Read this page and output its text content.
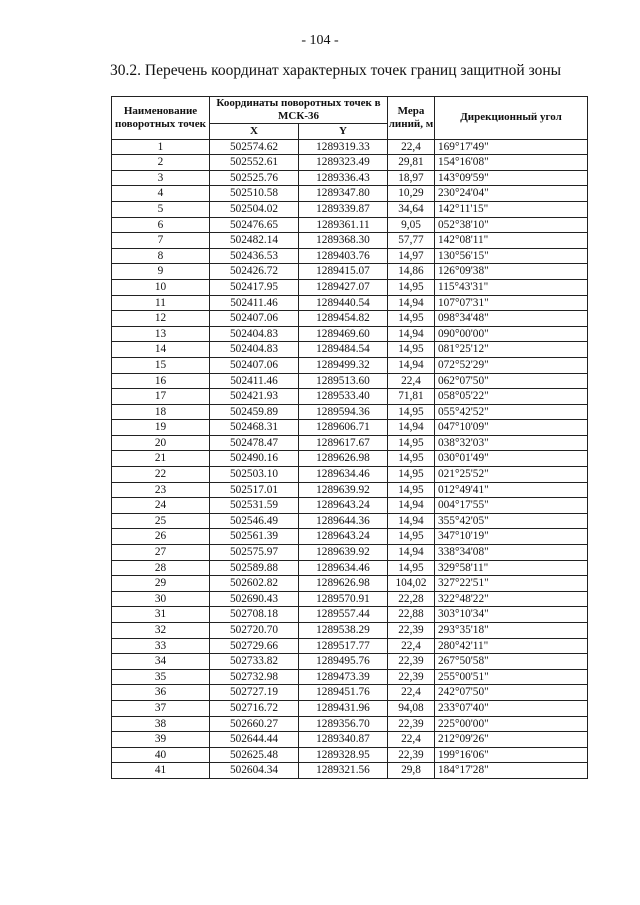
- 104 -
30.2. Перечень координат характерных точек границ защитной зоны
Наименование поворотных точек	Координаты поворотных точек в МСК-36		Мера линий, м	Дирекционный угол
	X	Y		
1	502574.62	1289319.33	22,4	169°17'49"
2	502552.61	1289323.49	29,81	154°16'08"
3	502525.76	1289336.43	18,97	143°09'59"
4	502510.58	1289347.80	10,29	230°24'04"
5	502504.02	1289339.87	34,64	142°11'15"
6	502476.65	1289361.11	9,05	052°38'10"
7	502482.14	1289368.30	57,77	142°08'11"
8	502436.53	1289403.76	14,97	130°56'15"
9	502426.72	1289415.07	14,86	126°09'38"
10	502417.95	1289427.07	14,95	115°43'31"
11	502411.46	1289440.54	14,94	107°07'31"
12	502407.06	1289454.82	14,95	098°34'48"
13	502404.83	1289469.60	14,94	090°00'00"
14	502404.83	1289484.54	14,95	081°25'12"
15	502407.06	1289499.32	14,94	072°52'29"
16	502411.46	1289513.60	22,4	062°07'50"
17	502421.93	1289533.40	71,81	058°05'22"
18	502459.89	1289594.36	14,95	055°42'52"
19	502468.31	1289606.71	14,94	047°10'09"
20	502478.47	1289617.67	14,95	038°32'03"
21	502490.16	1289626.98	14,95	030°01'49"
22	502503.10	1289634.46	14,95	021°25'52"
23	502517.01	1289639.92	14,95	012°49'41"
24	502531.59	1289643.24	14,94	004°17'55"
25	502546.49	1289644.36	14,94	355°42'05"
26	502561.39	1289643.24	14,95	347°10'19"
27	502575.97	1289639.92	14,94	338°34'08"
28	502589.88	1289634.46	14,95	329°58'11"
29	502602.82	1289626.98	104,02	327°22'51"
30	502690.43	1289570.91	22,28	322°48'22"
31	502708.18	1289557.44	22,88	303°10'34"
32	502720.70	1289538.29	22,39	293°35'18"
33	502729.66	1289517.77	22,4	280°42'11"
34	502733.82	1289495.76	22,39	267°50'58"
35	502732.98	1289473.39	22,39	255°00'51"
36	502727.19	1289451.76	22,4	242°07'50"
37	502716.72	1289431.96	94,08	233°07'40"
38	502660.27	1289356.70	22,39	225°00'00"
39	502644.44	1289340.87	22,4	212°09'26"
40	502625.48	1289328.95	22,39	199°16'06"
41	502604.34	1289321.56	29,8	184°17'28"
